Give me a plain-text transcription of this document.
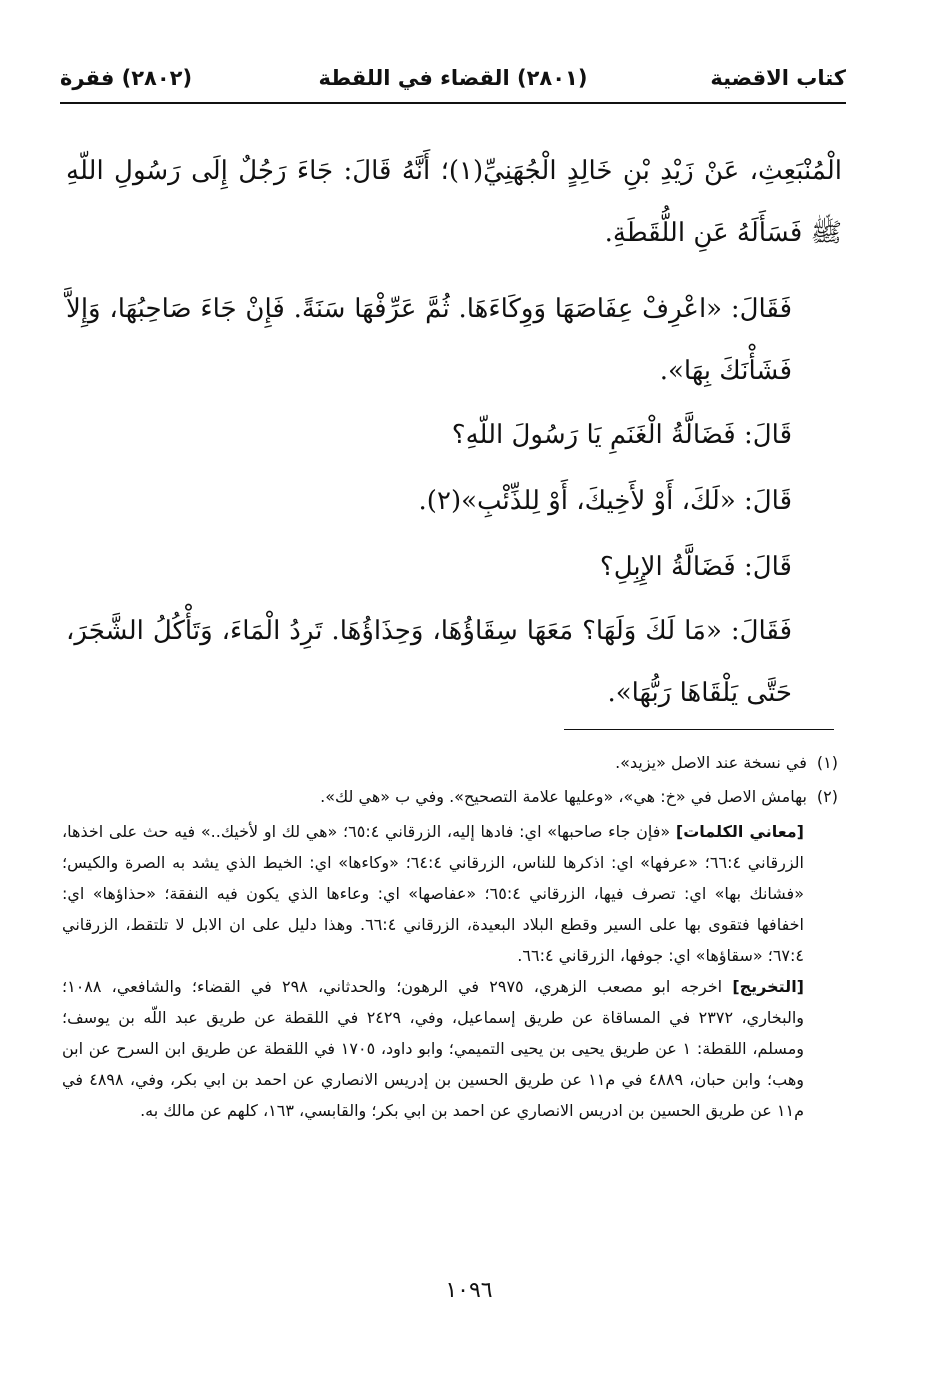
كتاب الاقضية
(٢٨٠١) القضاء في اللقطة
(٢٨٠٢) فقرة

الْمُنْبَعِثِ، عَنْ زَيْدِ بْنِ خَالِدٍ الْجُهَنِيِّ(١)؛ أَنَّهُ قَالَ: جَاءَ رَجُلٌ إِلَى رَسُولِ اللّهِ ﷺ فَسَأَلَهُ عَنِ اللُّقَطَةِ.

فَقَالَ: «اعْرِفْ عِفَاصَهَا وَوِكَاءَهَا. ثُمَّ عَرِّفْهَا سَنَةً. فَإِنْ جَاءَ صَاحِبُهَا، وَإِلاَّ فَشَأْنَكَ بِهَا».

قَالَ: فَضَالَّةُ الْغَنَمِ يَا رَسُولَ اللّهِ؟

قَالَ: «لَكَ، أَوْ لأَخِيكَ، أَوْ لِلذِّئْبِ»(٢).

قَالَ: فَضَالَّةُ الإِبِلِ؟

فَقَالَ: «مَا لَكَ وَلَهَا؟ مَعَهَا سِقَاؤُهَا، وَحِذَاؤُهَا. تَرِدُ الْمَاءَ، وَتَأْكُلُ الشَّجَرَ، حَتَّى يَلْقَاهَا رَبُّهَا».

(١) في نسخة عند الاصل «يزيد».

(٢) بهامش الاصل في «خ: هي»، «وعليها علامة التصحيح». وفي ب «هي لك».

[معاني الكلمات] «فإن جاء صاحبها» اي: فادها إليه، الزرقاني ٦٥:٤؛ «هي لك او لأخيك..» فيه حث على اخذها، الزرقاني ٦٦:٤؛ «عرفها» اي: اذكرها للناس، الزرقاني ٦٤:٤؛ «وكاءها» اي: الخيط الذي يشد به الصرة والكيس؛ «فشانك بها» اي: تصرف فيها، الزرقاني ٦٥:٤؛ «عفاصها» اي: وعاءها الذي يكون فيه النفقة؛ «حذاؤها» اي: اخفافها فتقوى بها على السير وقطع البلاد البعيدة، الزرقاني ٦٦:٤. وهذا دليل على ان الابل لا تلتقط، الزرقاني ٦٧:٤؛ «سقاؤها» اي: جوفها، الزرقاني ٦٦:٤.

[التخريج] اخرجه ابو مصعب الزهري، ٢٩٧٥ في الرهون؛ والحدثاني، ٢٩٨ في القضاء؛ والشافعي، ١٠٨٨؛ والبخاري، ٢٣٧٢ في المساقاة عن طريق إسماعيل، وفي، ٢٤٢٩ في اللقطة عن طريق عبد اللّه بن يوسف؛ ومسلم، اللقطة: ١ عن طريق يحيى بن يحيى التميمي؛ وابو داود، ١٧٠٥ في اللقطة عن طريق ابن السرح عن ابن وهب؛ وابن حبان، ٤٨٨٩ في م١١ عن طريق الحسين بن إدريس الانصاري عن احمد بن ابي بكر، وفي، ٤٨٩٨ في م١١ عن طريق الحسين بن ادريس الانصاري عن احمد بن ابي بكر؛ والقابسي، ١٦٣، كلهم عن مالك به.

١٠٩٦
